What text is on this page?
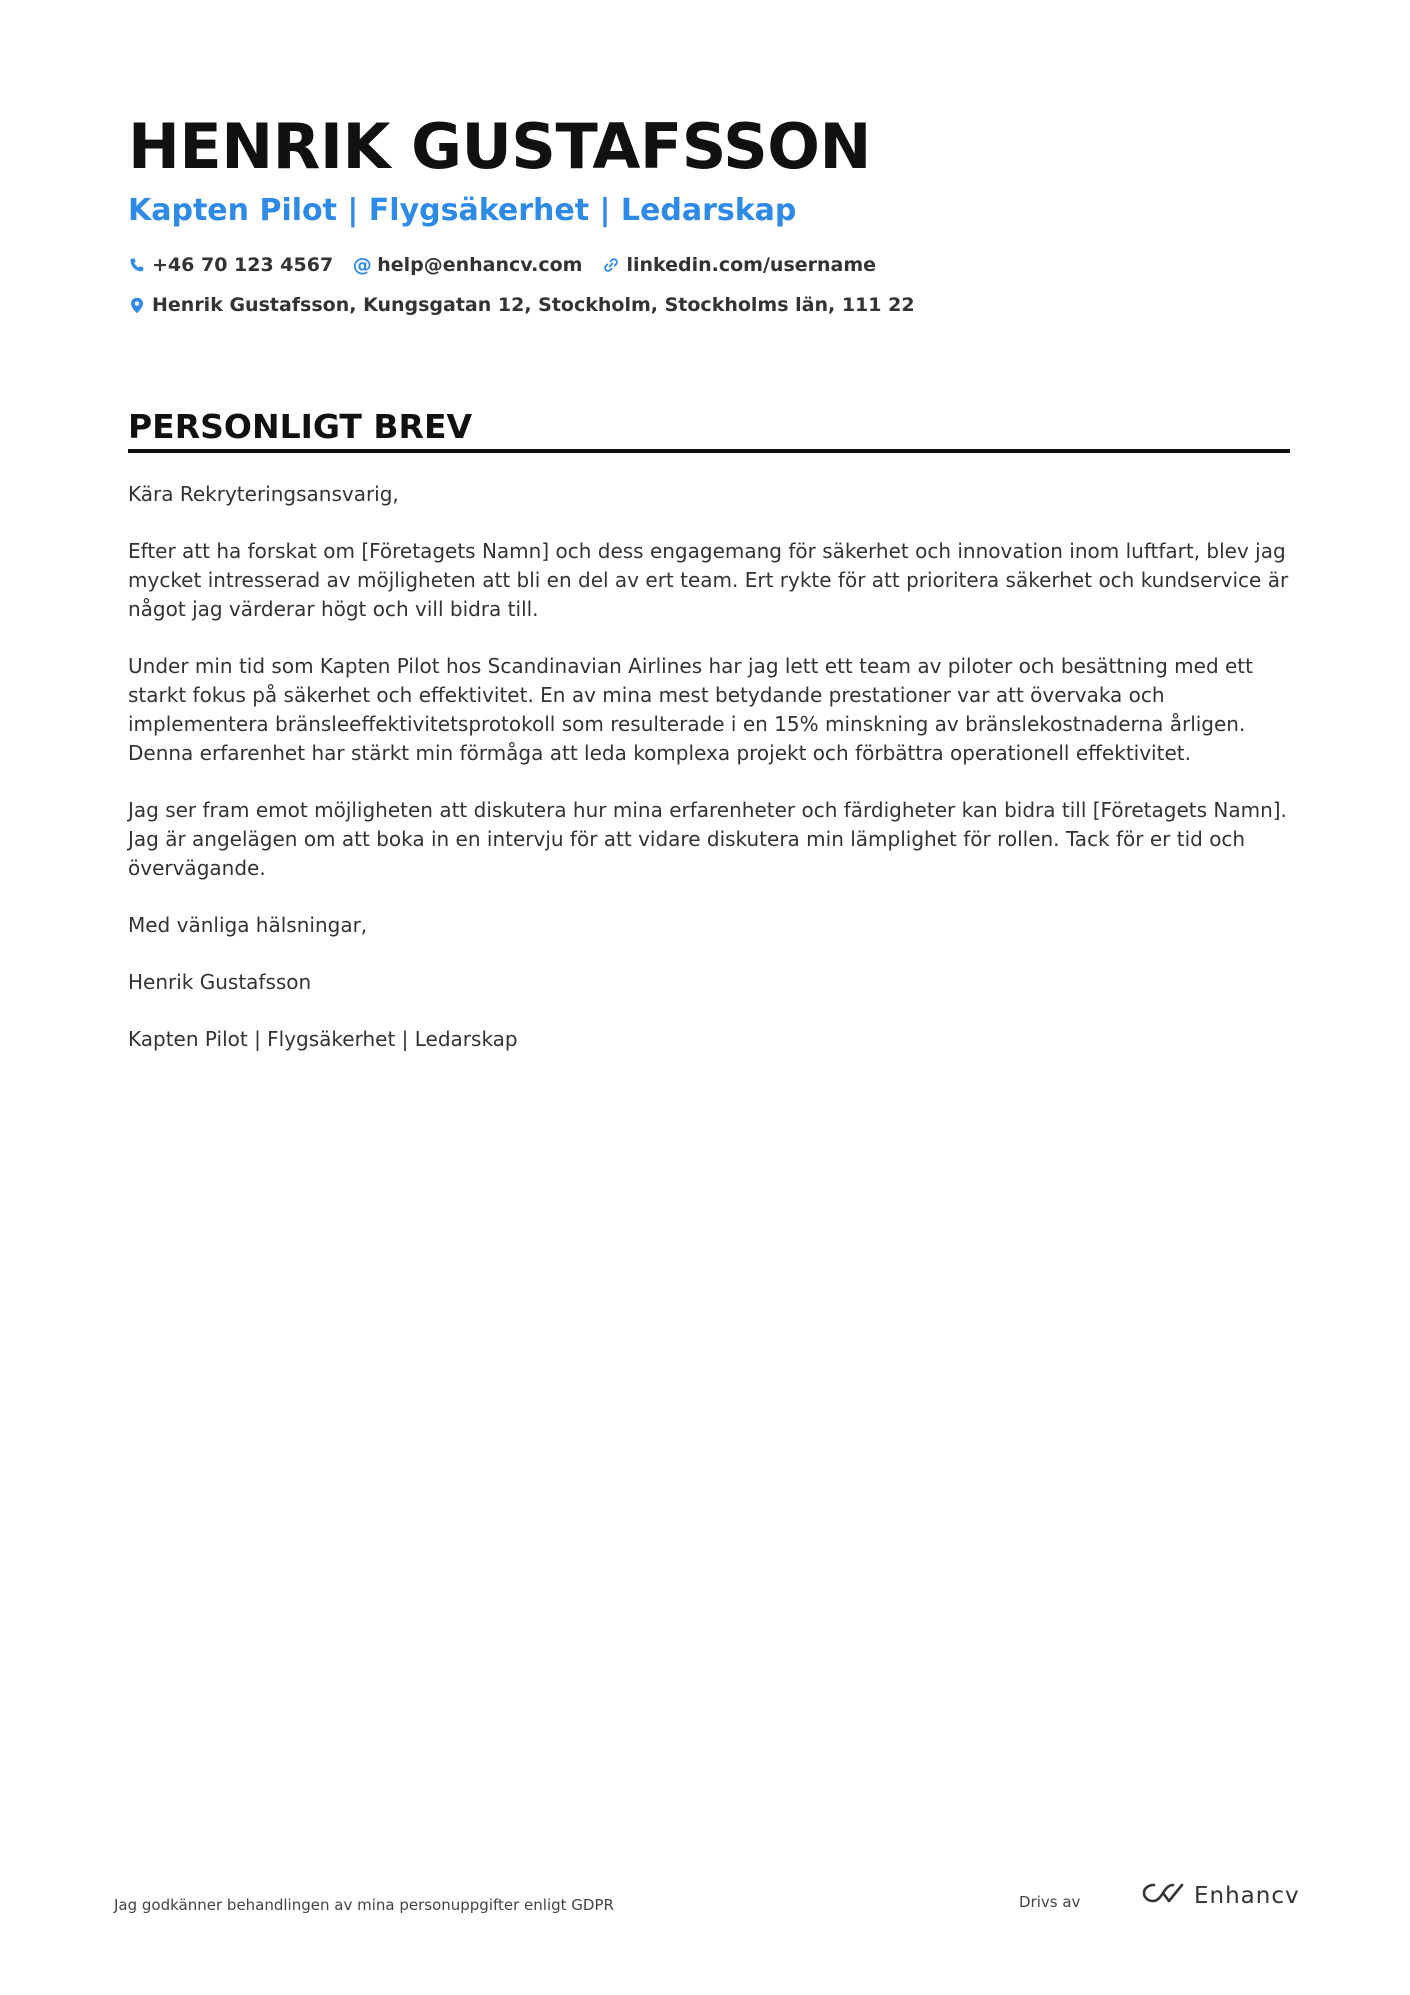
HENRIK GUSTAFSSON
Kapten Pilot | Flygsäkerhet | Ledarskap
+46 70 123 4567 @ help@enhancv.com linkedin.com/username
Henrik Gustafsson, Kungsgatan 12, Stockholm, Stockholms län, 111 22
PERSONLIGT BREV

Kära Rekryteringsansvarig,

Efter att ha forskat om [Företagets Namn] och dess engagemang för säkerhet och innovation inom luftfart, blev jag mycket intresserad av möjligheten att bli en del av ert team. Ert rykte för att prioritera säkerhet och kundservice är något jag värderar högt och vill bidra till.

Under min tid som Kapten Pilot hos Scandinavian Airlines har jag lett ett team av piloter och besättning med ett starkt fokus på säkerhet och effektivitet. En av mina mest betydande prestationer var att övervaka och implementera bränsleeffektivitetsprotokoll som resulterade i en 15% minskning av bränslekostnaderna årligen. Denna erfarenhet har stärkt min förmåga att leda komplexa projekt och förbättra operationell effektivitet.

Jag ser fram emot möjligheten att diskutera hur mina erfarenheter och färdigheter kan bidra till [Företagets Namn]. Jag är angelägen om att boka in en intervju för att vidare diskutera min lämplighet för rollen. Tack för er tid och övervägande.

Med vänliga hälsningar,

Henrik Gustafsson

Kapten Pilot | Flygsäkerhet | Ledarskap

Jag godkänner behandlingen av mina personuppgifter enligt GDPR	Drivs av	Enhancv
